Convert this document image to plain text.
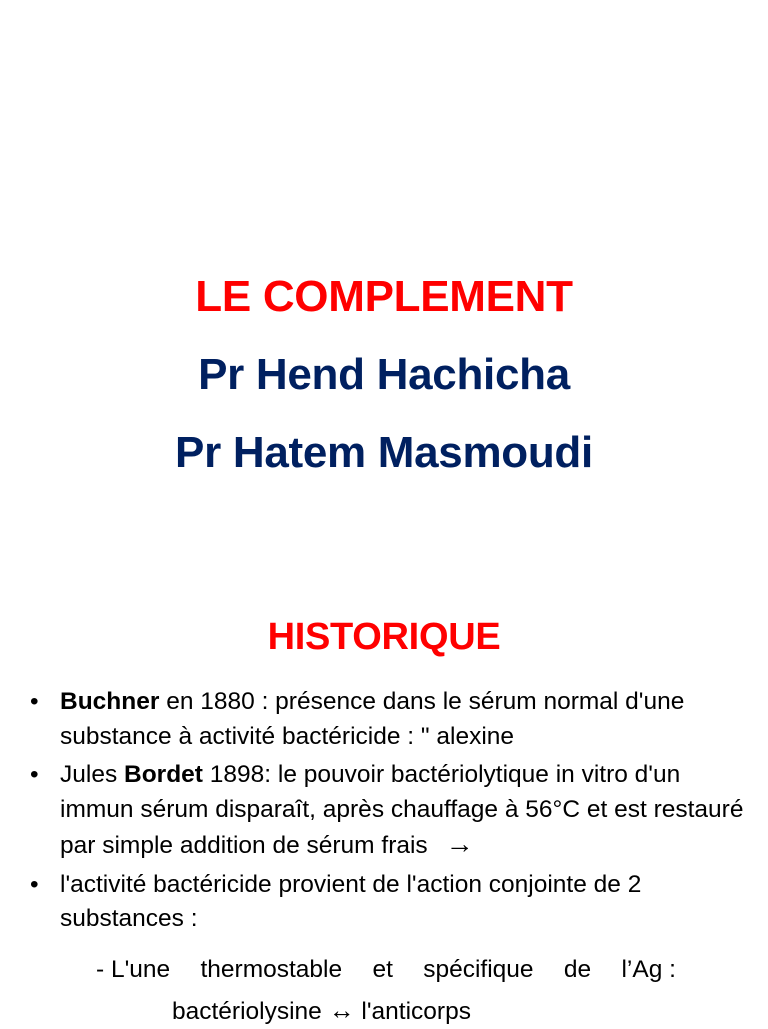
LE COMPLEMENT
Pr Hend Hachicha
Pr Hatem Masmoudi
HISTORIQUE
• Buchner en 1880 : présence dans le sérum normal d'une substance à activité bactéricide : " alexine
• Jules Bordet 1898: le pouvoir bactériolytique in vitro d'un immun sérum disparaît, après chauffage à 56°C et est restauré par simple addition de sérum frais →
• l'activité bactéricide provient de l'action conjointe de 2 substances :
- L'une thermostable et spécifique de l’Ag :
bactériolysine ↔ l'anticorps
